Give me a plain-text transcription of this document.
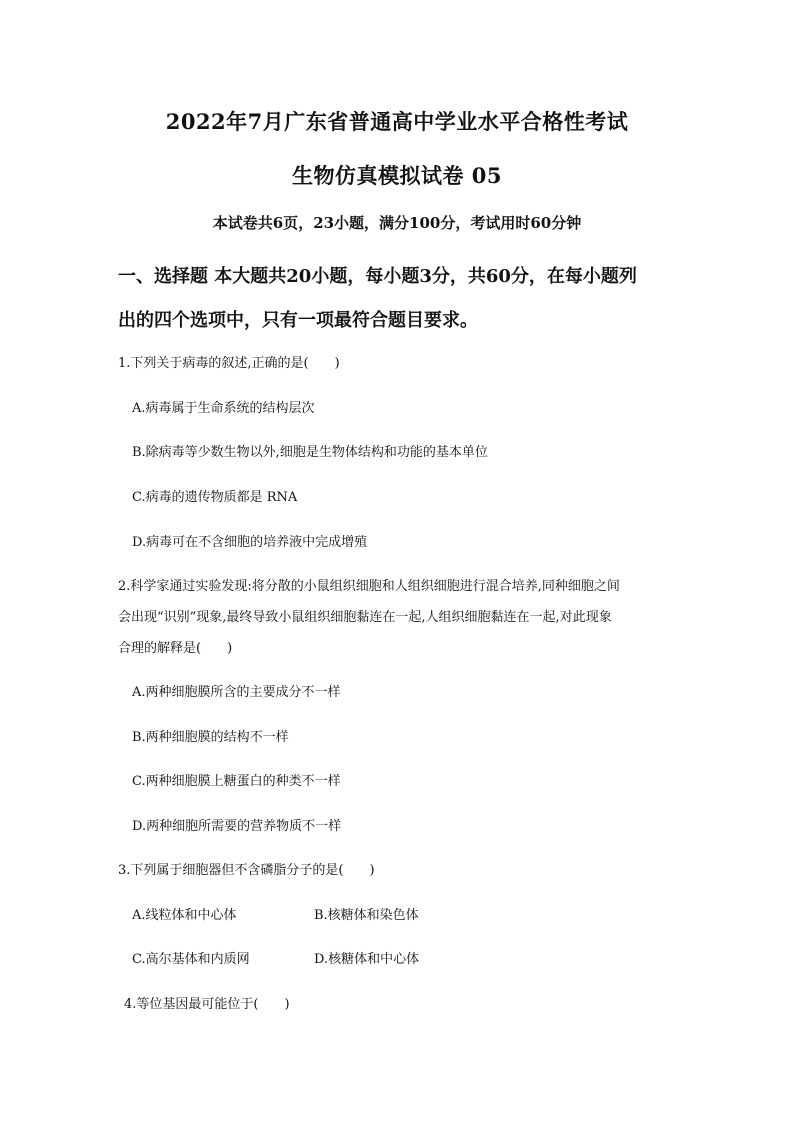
2022年7月广东省普通高中学业水平合格性考试
生物仿真模拟试卷 05
本试卷共6页，23小题，满分100分，考试用时60分钟
一、选择题 本大题共20小题，每小题3分，共60分，在每小题列
出的四个选项中，只有一项最符合题目要求。
1.下列关于病毒的叙述,正确的是(　　)
A.病毒属于生命系统的结构层次
B.除病毒等少数生物以外,细胞是生物体结构和功能的基本单位
C.病毒的遗传物质都是 RNA
D.病毒可在不含细胞的培养液中完成增殖
2.科学家通过实验发现:将分散的小鼠组织细胞和人组织细胞进行混合培养,同种细胞之间
会出现“识别”现象,最终导致小鼠组织细胞黏连在一起,人组织细胞黏连在一起,对此现象
合理的解释是(　　)
A.两种细胞膜所含的主要成分不一样
B.两种细胞膜的结构不一样
C.两种细胞膜上糖蛋白的种类不一样
D.两种细胞所需要的营养物质不一样
3.下列属于细胞器但不含磷脂分子的是(　　)
A.线粒体和中心体	B.核糖体和染色体
C.高尔基体和内质网	D.核糖体和中心体
4.等位基因最可能位于(　　)
